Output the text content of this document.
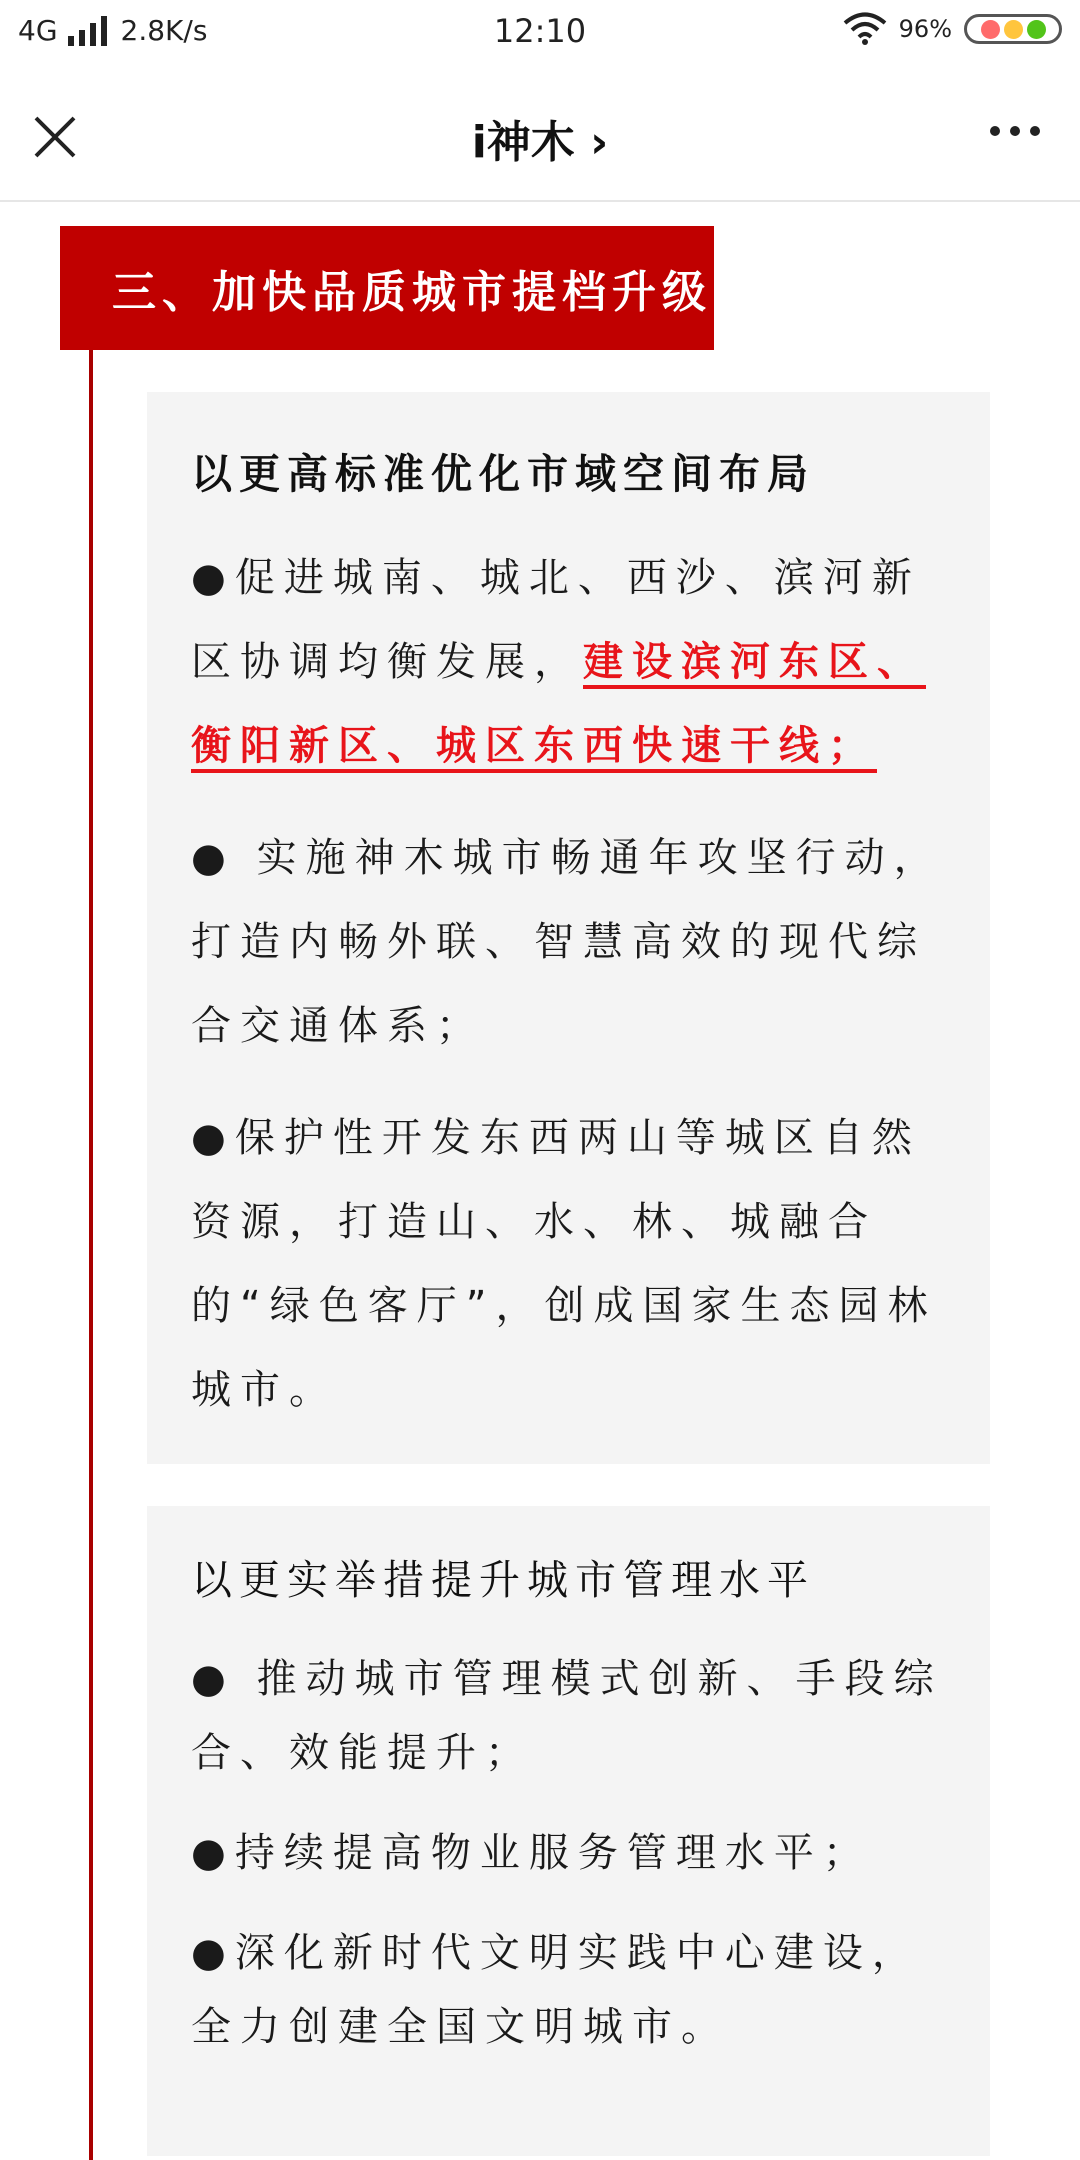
4G 2.8K/s	12:10	96%
i神木 ›
三、加快品质城市提档升级
以更高标准优化市域空间布局
●促进城南、城北、西沙、滨河新区协调均衡发展，建设滨河东区、衡阳新区、城区东西快速干线；
● 实施神木城市畅通年攻坚行动，打造内畅外联、智慧高效的现代综合交通体系；
●保护性开发东西两山等城区自然资源，打造山、水、林、城融合的“绿色客厅”，创成国家生态园林城市。
以更实举措提升城市管理水平
● 推动城市管理模式创新、手段综合、效能提升；
●持续提高物业服务管理水平；
●深化新时代文明实践中心建设，全力创建全国文明城市。
